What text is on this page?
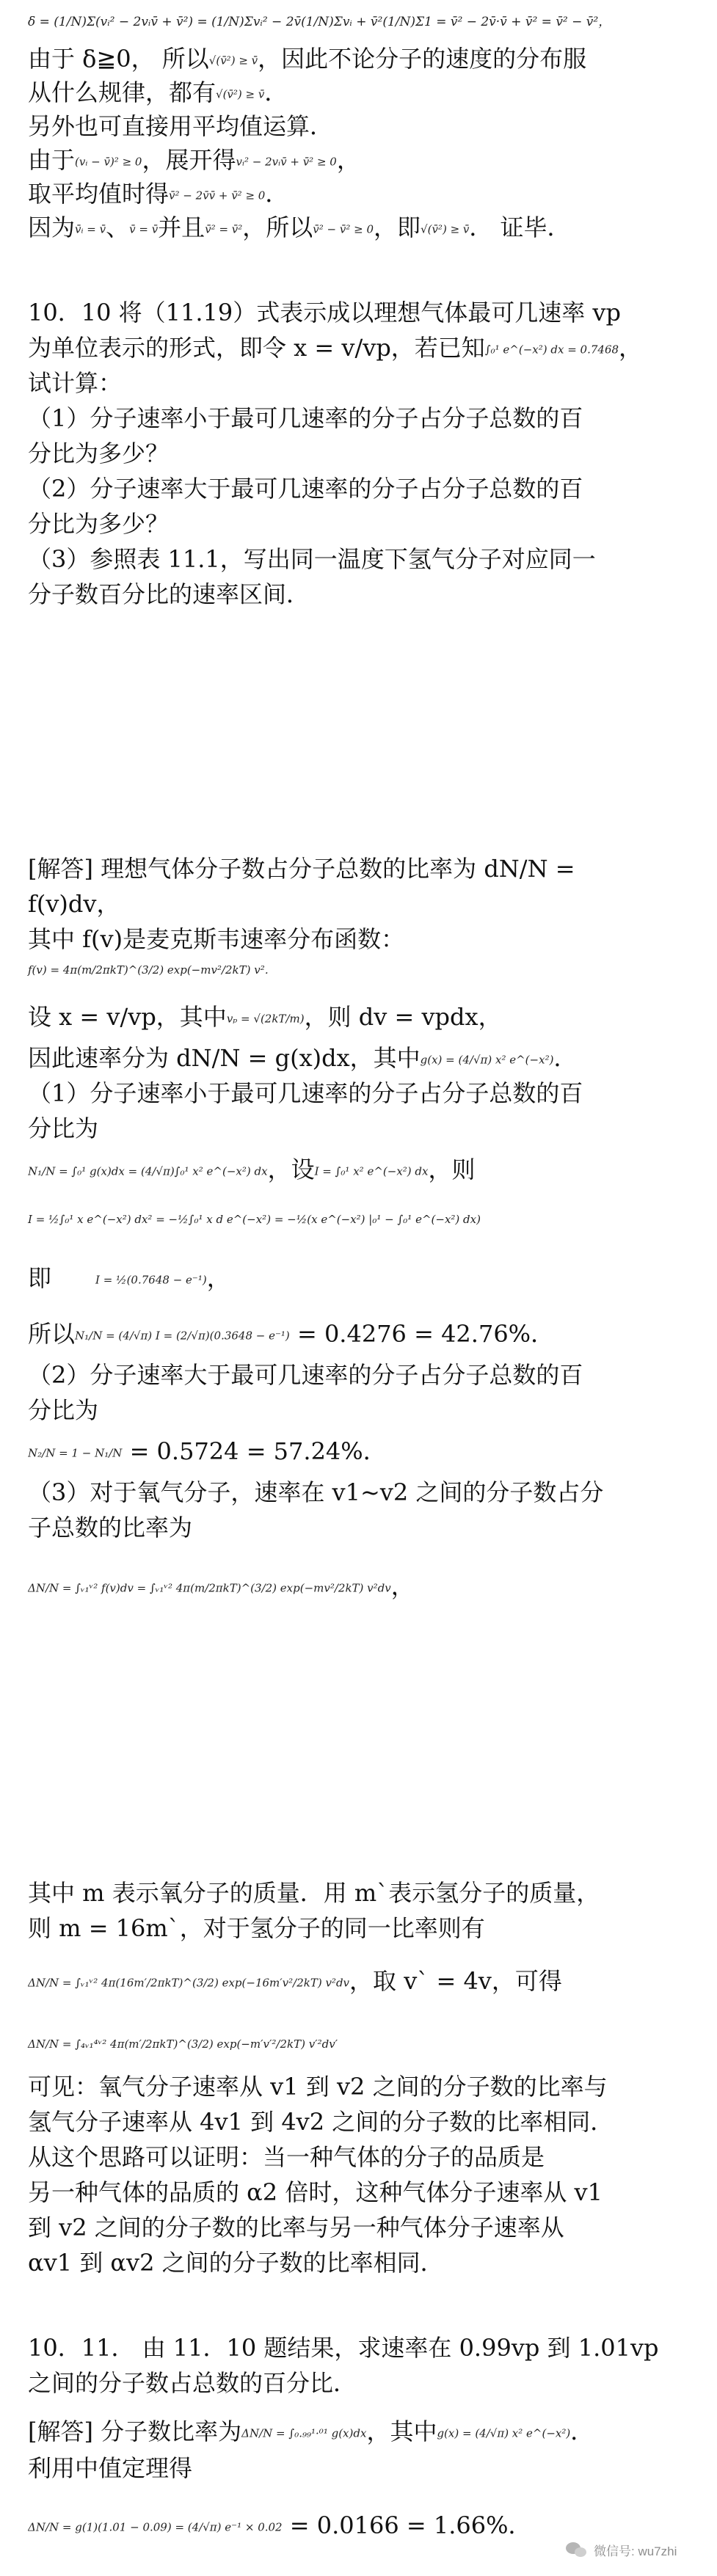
δ = (1/N)Σ(vᵢ² − 2vᵢv̄ + v̄²) = (1/N)Σvᵢ² − 2v̄(1/N)Σvᵢ + v̄²(1/N)Σ1 = v̄² − 2v̄·v̄ + v̄² = v̄² − v̄²，
由于 δ≧0， 所以√(v̄²) ≥ v̄，因此不论分子的速度的分布服
从什么规律，都有√(v̄²) ≥ v̄．
另外也可直接用平均值运算．
由于(vᵢ − v̄)² ≥ 0，展开得vᵢ² − 2vᵢv̄ + v̄² ≥ 0，
取平均值时得v̄² − 2v̄v̄ + v̄² ≥ 0．
因为v̄ᵢ = v̄、v̄ = v̄并且v̄² = v̄²，所以v̄² − v̄² ≥ 0，即√(v̄²) ≥ v̄． 证毕．
10．10 将（11.19）式表示成以理想气体最可几速率 vp
为单位表示的形式，即令 x = v/vp，若已知∫₀¹ e^(−x²) dx = 0.7468，
试计算：
（1）分子速率小于最可几速率的分子占分子总数的百
分比为多少？
（2）分子速率大于最可几速率的分子占分子总数的百
分比为多少？
（3）参照表 11.1，写出同一温度下氢气分子对应同一
分子数百分比的速率区间．
[解答] 理想气体分子数占分子总数的比率为 dN/N =
f(v)dv，
其中 f(v)是麦克斯韦速率分布函数：
f(v) = 4π(m/2πkT)^(3/2) exp(−mv²/2kT) v²．
设 x = v/vp，其中vₚ = √(2kT/m)，则 dv = vpdx，
因此速率分为 dN/N = g(x)dx，其中g(x) = (4/√π) x² e^(−x²)．
（1）分子速率小于最可几速率的分子占分子总数的百
分比为
N₁/N = ∫₀¹ g(x)dx = (4/√π)∫₀¹ x² e^(−x²) dx，设I = ∫₀¹ x² e^(−x²) dx，则
I = ½∫₀¹ x e^(−x²) dx² = −½∫₀¹ x d e^(−x²) = −½(x e^(−x²) |₀¹ − ∫₀¹ e^(−x²) dx)
即	I = ½(0.7648 − e⁻¹)，
所以N₁/N = (4/√π) I = (2/√π)(0.3648 − e⁻¹) = 0.4276 = 42.76%．
（2）分子速率大于最可几速率的分子占分子总数的百
分比为
N₂/N = 1 − N₁/N = 0.5724 = 57.24%．
（3）对于氧气分子，速率在 v1~v2 之间的分子数占分
子总数的比率为
ΔN/N = ∫ᵥ₁ᵛ² f(v)dv = ∫ᵥ₁ᵛ² 4π(m/2πkT)^(3/2) exp(−mv²/2kT) v²dv，
其中 m 表示氧分子的质量．用 m`表示氢分子的质量，
则 m = 16m`，对于氢分子的同一比率则有
ΔN/N = ∫ᵥ₁ᵛ² 4π(16m′/2πkT)^(3/2) exp(−16m′v²/2kT) v²dv，取 v` = 4v，可得
ΔN/N = ∫₄ᵥ₁⁴ᵛ² 4π(m′/2πkT)^(3/2) exp(−m′v′²/2kT) v′²dv′
可见：氧气分子速率从 v1 到 v2 之间的分子数的比率与
氢气分子速率从 4v1 到 4v2 之间的分子数的比率相同．
从这个思路可以证明：当一种气体的分子的品质是
另一种气体的品质的 α2 倍时，这种气体分子速率从 v1
到 v2 之间的分子数的比率与另一种气体分子速率从
αv1 到 αv2 之间的分子数的比率相同．
10．11． 由 11．10 题结果，求速率在 0.99vp 到 1.01vp
之间的分子数占总数的百分比．
[解答] 分子数比率为ΔN/N = ∫₀.₉₉¹·⁰¹ g(x)dx，其中g(x) = (4/√π) x² e^(−x²)．
利用中值定理得
ΔN/N = g(1)(1.01 − 0.09) = (4/√π) e⁻¹ × 0.02 = 0.0166 = 1.66%．
微信号: wu7zhi
